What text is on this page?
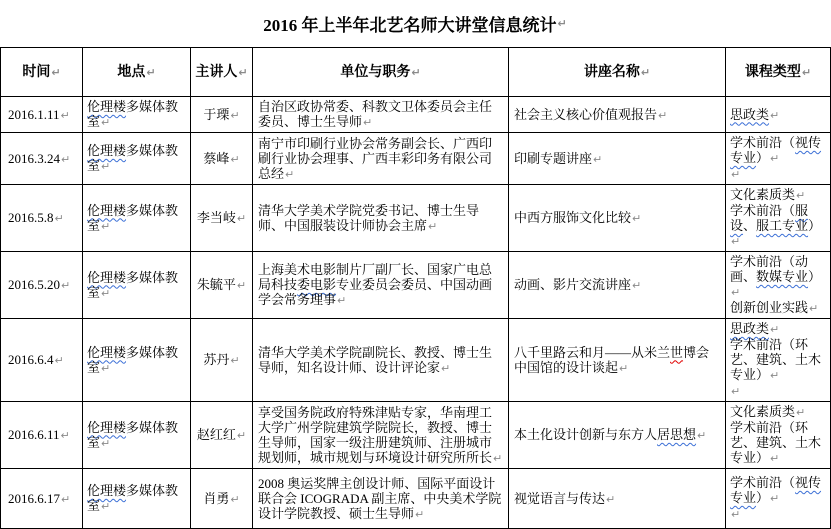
2016 年上半年北艺名师大讲堂信息统计 ↵
时间↵	地点↵	主讲人↵	单位与职务↵	讲座名称↵	课程类型↵

2016.1.11↵	伦理楼多媒体教室↵	于瑮↵	自治区政协常委、科教文卫体委员会主任委员、博士生导师↵	社会主义核心价值观报告↵	思政类↵

2016.3.24↵	伦理楼多媒体教室↵	蔡峰↵	南宁市印刷行业协会常务副会长、广西印刷行业协会理事、广西丰彩印务有限公司总经↵	印刷专题讲座↵	学术前沿（视传专业）↵
↵

2016.5.8↵	伦理楼多媒体教室↵	李当岐↵	清华大学美术学院党委书记、博士生导师、中国服装设计师协会主席↵	中西方服饰文化比较↵	文化素质类↵
学术前沿（服设、服工专业）↵

2016.5.20↵	伦理楼多媒体教室↵	朱毓平↵	上海美术电影制片厂副厂长、国家广电总局科技委电影专业委员会委员、中国动画学会常务理事↵	动画、影片交流讲座↵	学术前沿（动画、数媒专业）↵
创新创业实践↵

2016.6.4↵	伦理楼多媒体教室↵	苏丹↵	清华大学美术学院副院长、教授、博士生导师，知名设计师、设计评论家↵	八千里路云和月——从米兰世博会中国馆的设计谈起↵	思政类↵
学术前沿（环艺、建筑、土木专业）↵
↵

2016.6.11↵	伦理楼多媒体教室↵	赵红红↵	享受国务院政府特殊津贴专家，华南理工大学广州学院建筑学院院长，教授、博士生导师，国家一级注册建筑师、注册城市规划师，城市规划与环境设计研究所所长↵	本土化设计创新与东方人居思想↵	文化素质类↵
学术前沿（环艺、建筑、土木专业）↵

2016.6.17↵	伦理楼多媒体教室↵	肖勇↵	2008 奥运奖牌主创设计师、国际平面设计联合会 ICOGRADA 副主席、中央美术学院设计学院教授、硕士生导师↵	视觉语言与传达↵	学术前沿（视传专业）↵
↵
